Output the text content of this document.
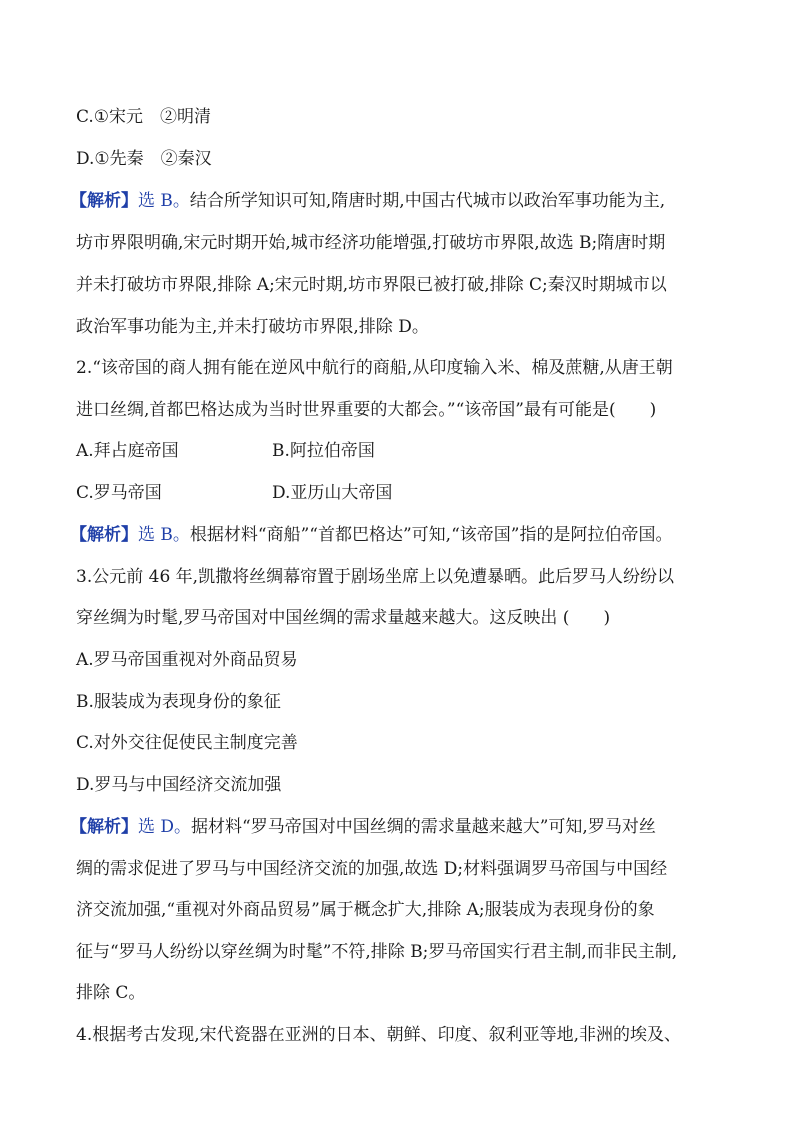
C.①宋元　②明清
D.①先秦　②秦汉
【解析】选 B。结合所学知识可知,隋唐时期,中国古代城市以政治军事功能为主,
坊市界限明确,宋元时期开始,城市经济功能增强,打破坊市界限,故选 B;隋唐时期
并未打破坊市界限,排除 A;宋元时期,坊市界限已被打破,排除 C;秦汉时期城市以
政治军事功能为主,并未打破坊市界限,排除 D。
2.“该帝国的商人拥有能在逆风中航行的商船,从印度输入米、棉及蔗糖,从唐王朝
进口丝绸,首都巴格达成为当时世界重要的大都会。”“该帝国”最有可能是(　　)
A.拜占庭帝国	B.阿拉伯帝国
C.罗马帝国	D.亚历山大帝国
【解析】选 B。根据材料“商船”“首都巴格达”可知,“该帝国”指的是阿拉伯帝国。
3.公元前 46 年,凯撒将丝绸幕帘置于剧场坐席上以免遭暴晒。此后罗马人纷纷以
穿丝绸为时髦,罗马帝国对中国丝绸的需求量越来越大。这反映出 (　　)
A.罗马帝国重视对外商品贸易
B.服装成为表现身份的象征
C.对外交往促使民主制度完善
D.罗马与中国经济交流加强
【解析】选 D。据材料“罗马帝国对中国丝绸的需求量越来越大”可知,罗马对丝
绸的需求促进了罗马与中国经济交流的加强,故选 D;材料强调罗马帝国与中国经
济交流加强,“重视对外商品贸易”属于概念扩大,排除 A;服装成为表现身份的象
征与“罗马人纷纷以穿丝绸为时髦”不符,排除 B;罗马帝国实行君主制,而非民主制,
排除 C。
4.根据考古发现,宋代瓷器在亚洲的日本、朝鲜、印度、叙利亚等地,非洲的埃及、
